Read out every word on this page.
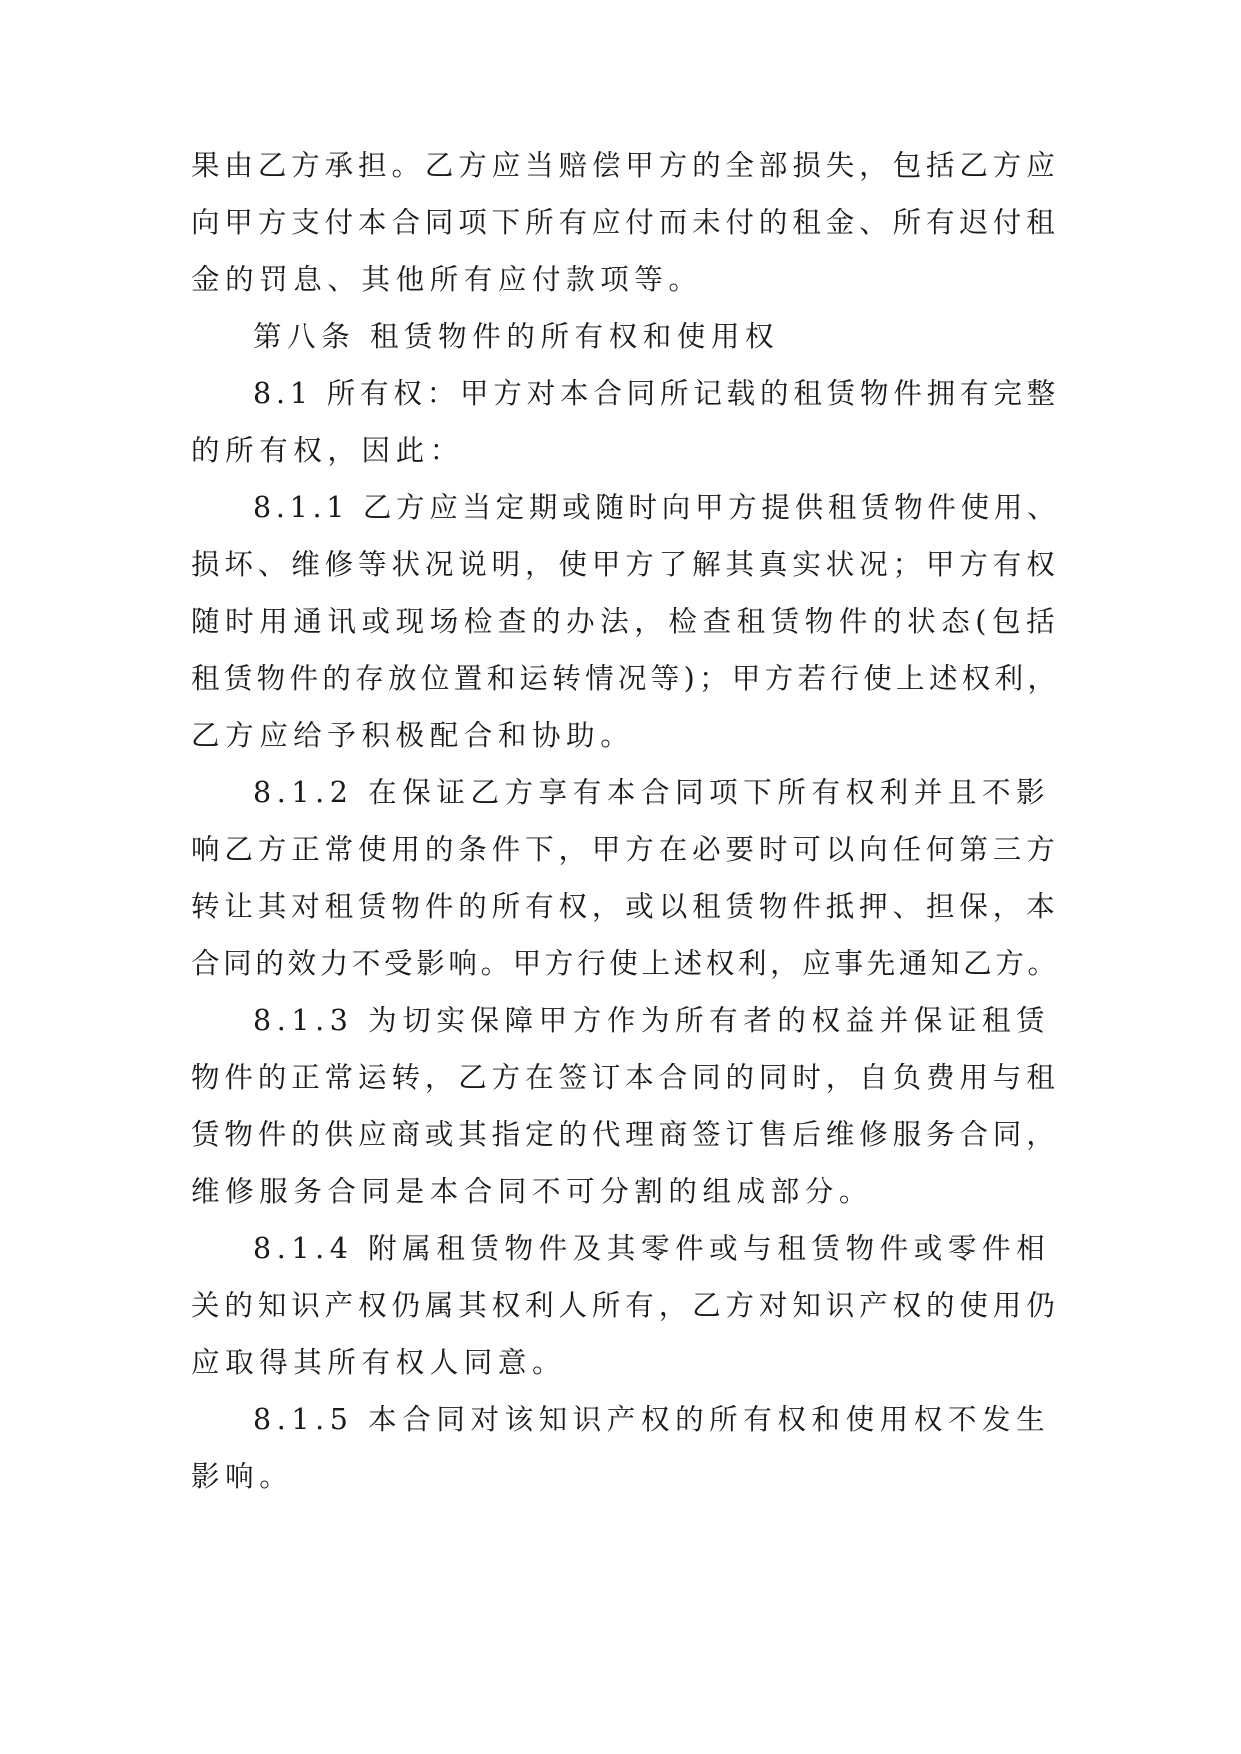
果由乙方承担。乙方应当赔偿甲方的全部损失，包括乙方应
向甲方支付本合同项下所有应付而未付的租金、所有迟付租
金的罚息、其他所有应付款项等。
第八条 租赁物件的所有权和使用权
8.1 所有权：甲方对本合同所记载的租赁物件拥有完整
的所有权，因此：
8.1.1 乙方应当定期或随时向甲方提供租赁物件使用、
损坏、维修等状况说明，使甲方了解其真实状况；甲方有权
随时用通讯或现场检查的办法，检查租赁物件的状态(包括
租赁物件的存放位置和运转情况等)；甲方若行使上述权利，
乙方应给予积极配合和协助。
8.1.2 在保证乙方享有本合同项下所有权利并且不影
响乙方正常使用的条件下，甲方在必要时可以向任何第三方
转让其对租赁物件的所有权，或以租赁物件抵押、担保，本
合同的效力不受影响。甲方行使上述权利，应事先通知乙方。
8.1.3 为切实保障甲方作为所有者的权益并保证租赁
物件的正常运转，乙方在签订本合同的同时，自负费用与租
赁物件的供应商或其指定的代理商签订售后维修服务合同，
维修服务合同是本合同不可分割的组成部分。
8.1.4 附属租赁物件及其零件或与租赁物件或零件相
关的知识产权仍属其权利人所有，乙方对知识产权的使用仍
应取得其所有权人同意。
8.1.5 本合同对该知识产权的所有权和使用权不发生
影响。
